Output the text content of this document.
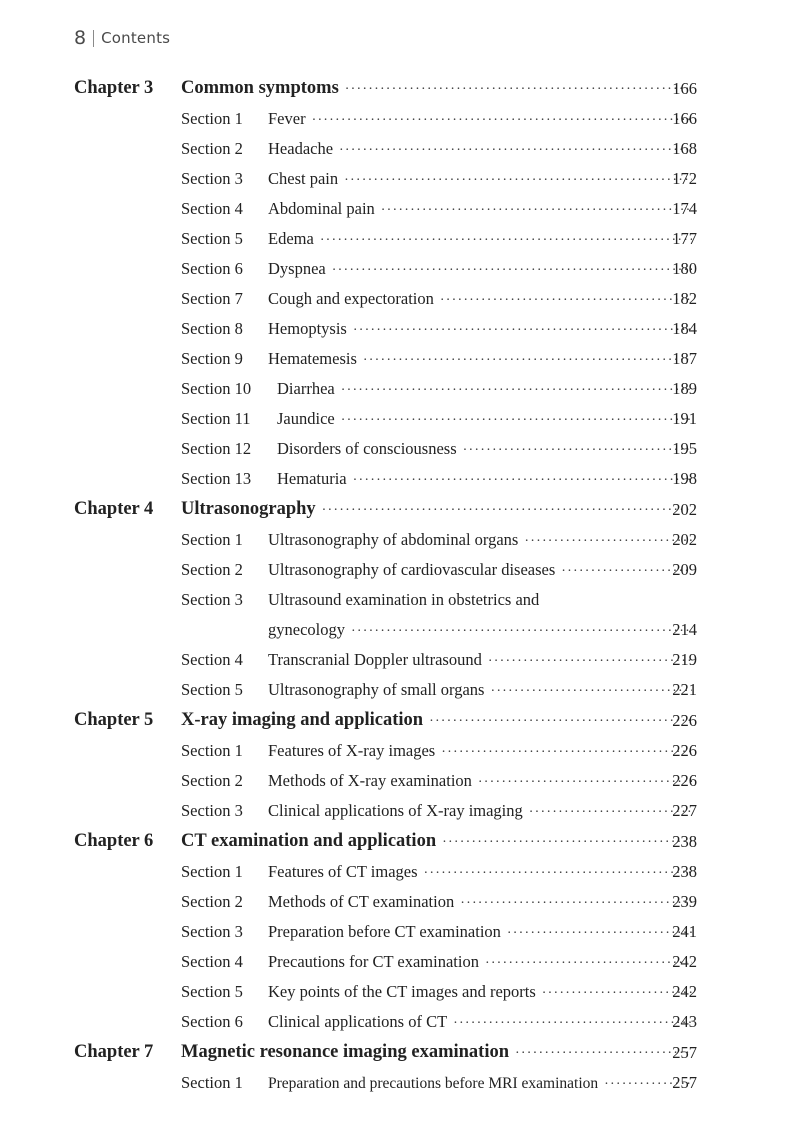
8 Contents
Chapter 3 Common symptoms ·····	166
Section 1 Fever ·····	166
Section 2 Headache ·····	168
Section 3 Chest pain ·····	172
Section 4 Abdominal pain ·····	174
Section 5 Edema ·····	177
Section 6 Dyspnea ·····	180
Section 7 Cough and expectoration ·····	182
Section 8 Hemoptysis ·····	184
Section 9 Hematemesis ·····	187
Section 10 Diarrhea ·····	189
Section 11 Jaundice ·····	191
Section 12 Disorders of consciousness ·····	195
Section 13 Hematuria ·····	198
Chapter 4 Ultrasonography ·····	202
Section 1 Ultrasonography of abdominal organs ·····	202
Section 2 Ultrasonography of cardiovascular diseases ·····	209
Section 3 Ultrasound examination in obstetrics and
gynecology ·····	214
Section 4 Transcranial Doppler ultrasound ·····	219
Section 5 Ultrasonography of small organs ·····	221
Chapter 5 X-ray imaging and application ·····	226
Section 1 Features of X-ray images ·····	226
Section 2 Methods of X-ray examination ·····	226
Section 3 Clinical applications of X-ray imaging ·····	227
Chapter 6 CT examination and application ·····	238
Section 1 Features of CT images ·····	238
Section 2 Methods of CT examination ·····	239
Section 3 Preparation before CT examination ·····	241
Section 4 Precautions for CT examination ·····	242
Section 5 Key points of the CT images and reports ·····	242
Section 6 Clinical applications of CT ·····	243
Chapter 7 Magnetic resonance imaging examination ·····	257
Section 1 Preparation and precautions before MRI examination ·····	257
